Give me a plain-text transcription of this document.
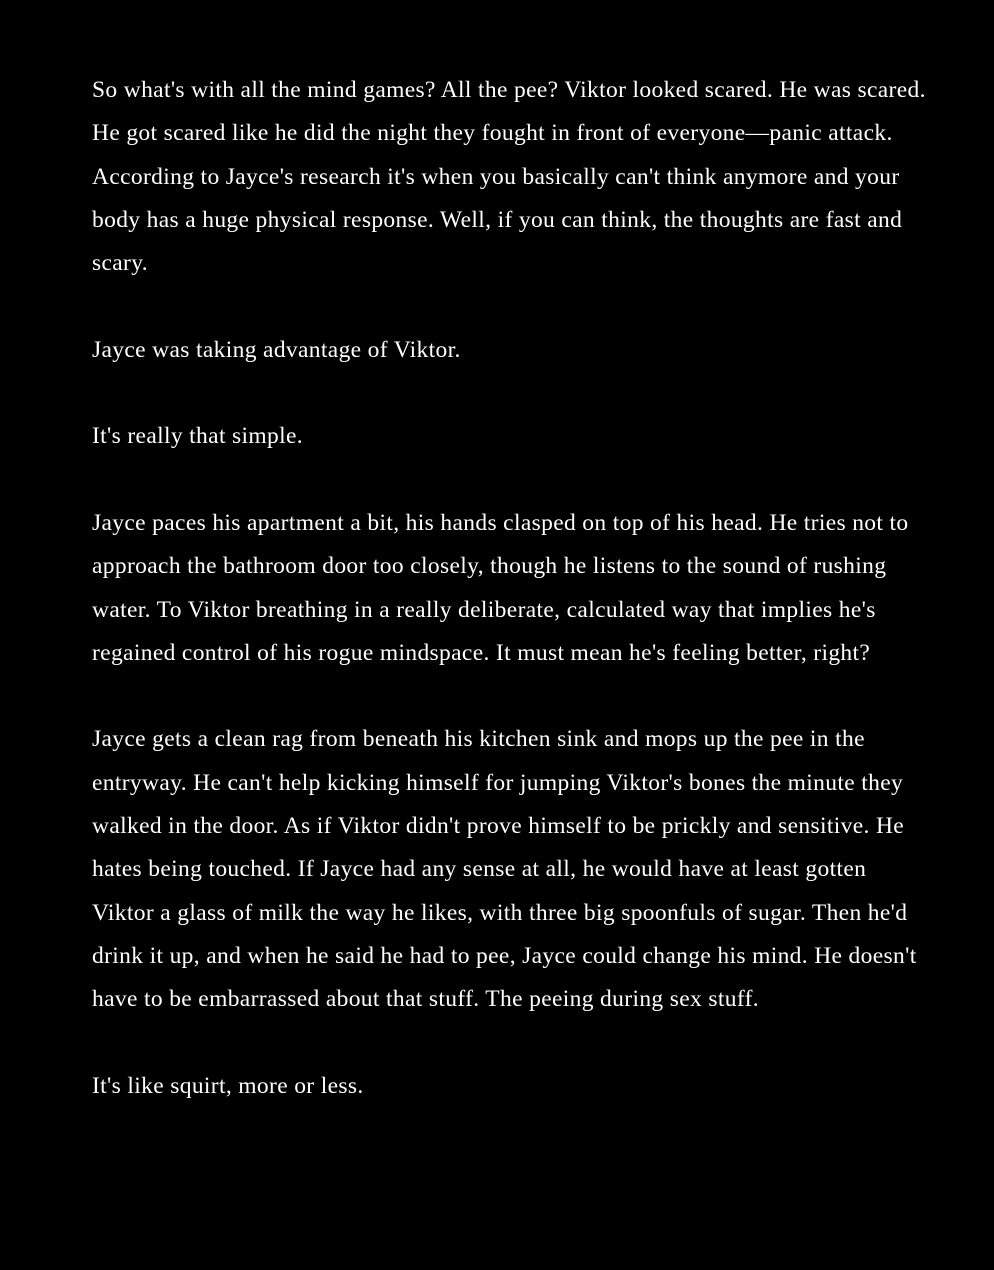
So what's with all the mind games? All the pee? Viktor looked scared. He was scared. He got scared like he did the night they fought in front of everyone—panic attack. According to Jayce's research it's when you basically can't think anymore and your body has a huge physical response. Well, if you can think, the thoughts are fast and scary.

Jayce was taking advantage of Viktor.

It's really that simple.

Jayce paces his apartment a bit, his hands clasped on top of his head. He tries not to approach the bathroom door too closely, though he listens to the sound of rushing water. To Viktor breathing in a really deliberate, calculated way that implies he's regained control of his rogue mindspace. It must mean he's feeling better, right?

Jayce gets a clean rag from beneath his kitchen sink and mops up the pee in the entryway. He can't help kicking himself for jumping Viktor's bones the minute they walked in the door. As if Viktor didn't prove himself to be prickly and sensitive. He hates being touched. If Jayce had any sense at all, he would have at least gotten Viktor a glass of milk the way he likes, with three big spoonfuls of sugar. Then he'd drink it up, and when he said he had to pee, Jayce could change his mind. He doesn't have to be embarrassed about that stuff. The peeing during sex stuff.

It's like squirt, more or less.
